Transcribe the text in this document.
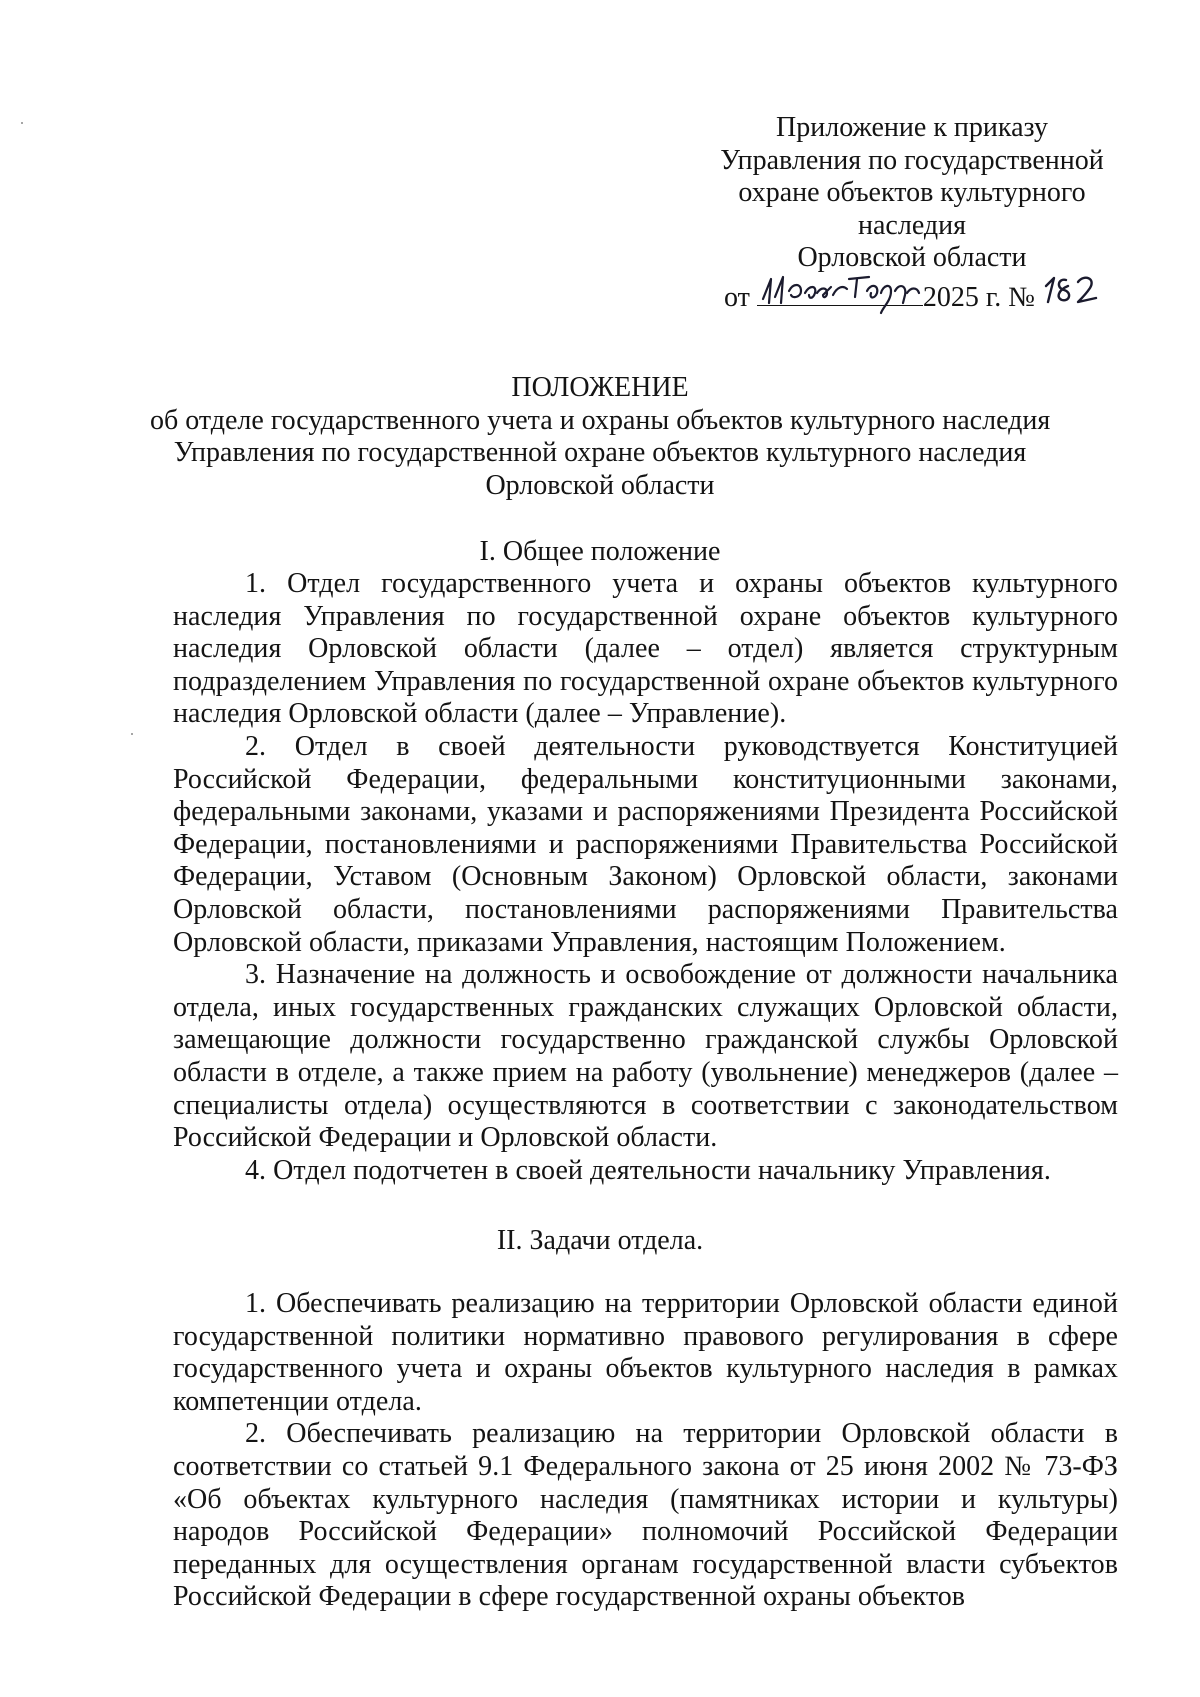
Приложение к приказу
Управления по государственной
охране объектов культурного
наследия
Орловской области
от	2025 г. №
ПОЛОЖЕНИЕ
об отделе государственного учета и охраны объектов культурного наследия
Управления по государственной охране объектов культурного наследия
Орловской области
I. Общее положение

1. Отдел государственного учета и охраны объектов культурного наследия Управления по государственной охране объектов культурного наследия Орловской области (далее – отдел) является структурным подразделением Управления по государственной охране объектов культурного наследия Орловской области (далее – Управление).

2. Отдел в своей деятельности руководствуется Конституцией Российской Федерации, федеральными конституционными законами, федеральными законами, указами и распоряжениями Президента Российской Федерации, постановлениями и распоряжениями Правительства Российской Федерации, Уставом (Основным Законом) Орловской области, законами Орловской области, постановлениями распоряжениями Правительства Орловской области, приказами Управления, настоящим Положением.

3. Назначение на должность и освобождение от должности начальника отдела, иных государственных гражданских служащих Орловской области, замещающие должности государственно гражданской службы Орловской области в отделе, а также прием на работу (увольнение) менеджеров (далее – специалисты отдела) осуществляются в соответствии с законодательством Российской Федерации и Орловской области.

4. Отдел подотчетен в своей деятельности начальнику Управления.

II. Задачи отдела.

1. Обеспечивать реализацию на территории Орловской области единой государственной политики нормативно правового регулирования в сфере государственного учета и охраны объектов культурного наследия в рамках компетенции отдела.

2. Обеспечивать реализацию на территории Орловской области в соответствии со статьей 9.1 Федерального закона от 25 июня 2002 № 73-ФЗ «Об объектах культурного наследия (памятниках истории и культуры) народов Российской Федерации» полномочий Российской Федерации переданных для осуществления органам государственной власти субъектов Российской Федерации в сфере государственной охраны объектов
